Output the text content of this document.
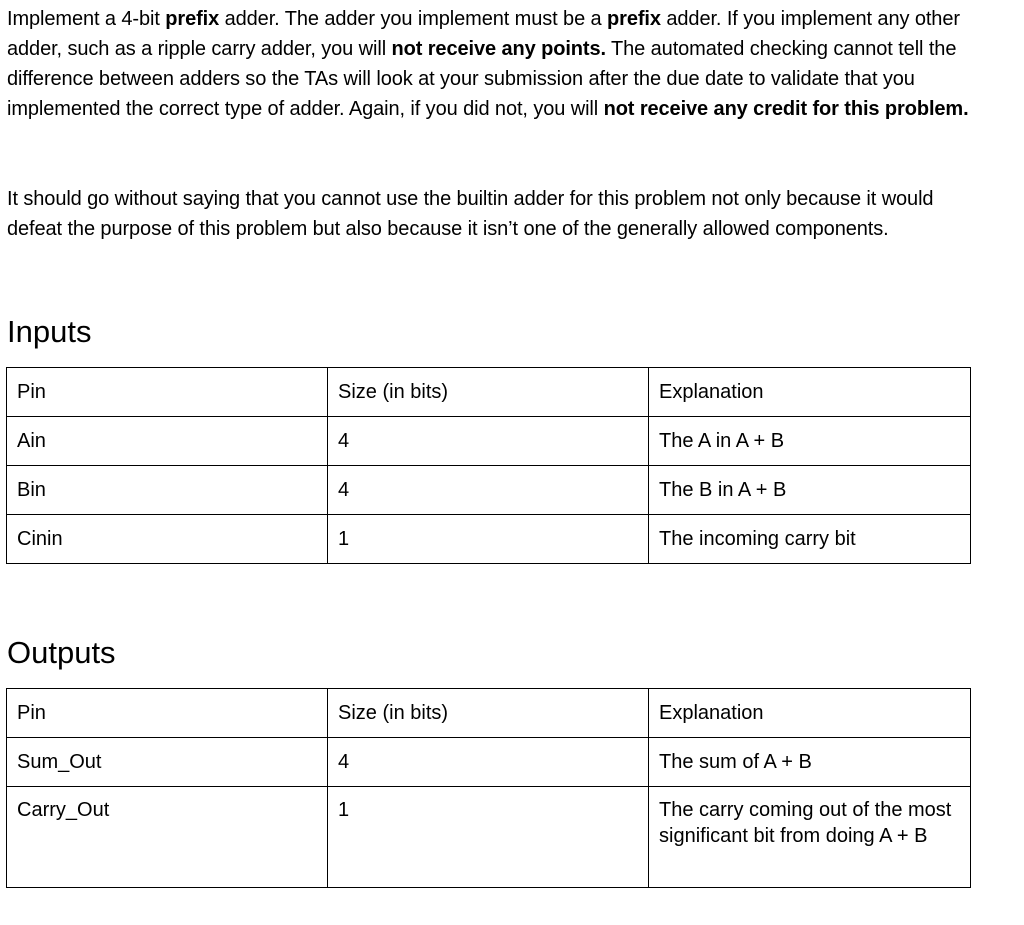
Implement a 4-bit prefix adder. The adder you implement must be a prefix adder. If you implement any other adder, such as a ripple carry adder, you will not receive any points. The automated checking cannot tell the difference between adders so the TAs will look at your submission after the due date to validate that you implemented the correct type of adder. Again, if you did not, you will not receive any credit for this problem.

It should go without saying that you cannot use the builtin adder for this problem not only because it would defeat the purpose of this problem but also because it isn’t one of the generally allowed components.

Inputs
Pin	Size (in bits)	Explanation
Ain	4	The A in A + B
Bin	4	The B in A + B
Cinin	1	The incoming carry bit
Outputs
Pin	Size (in bits)	Explanation
Sum_Out	4	The sum of A + B
Carry_Out	1	The carry coming out of the most significant bit from doing A + B
